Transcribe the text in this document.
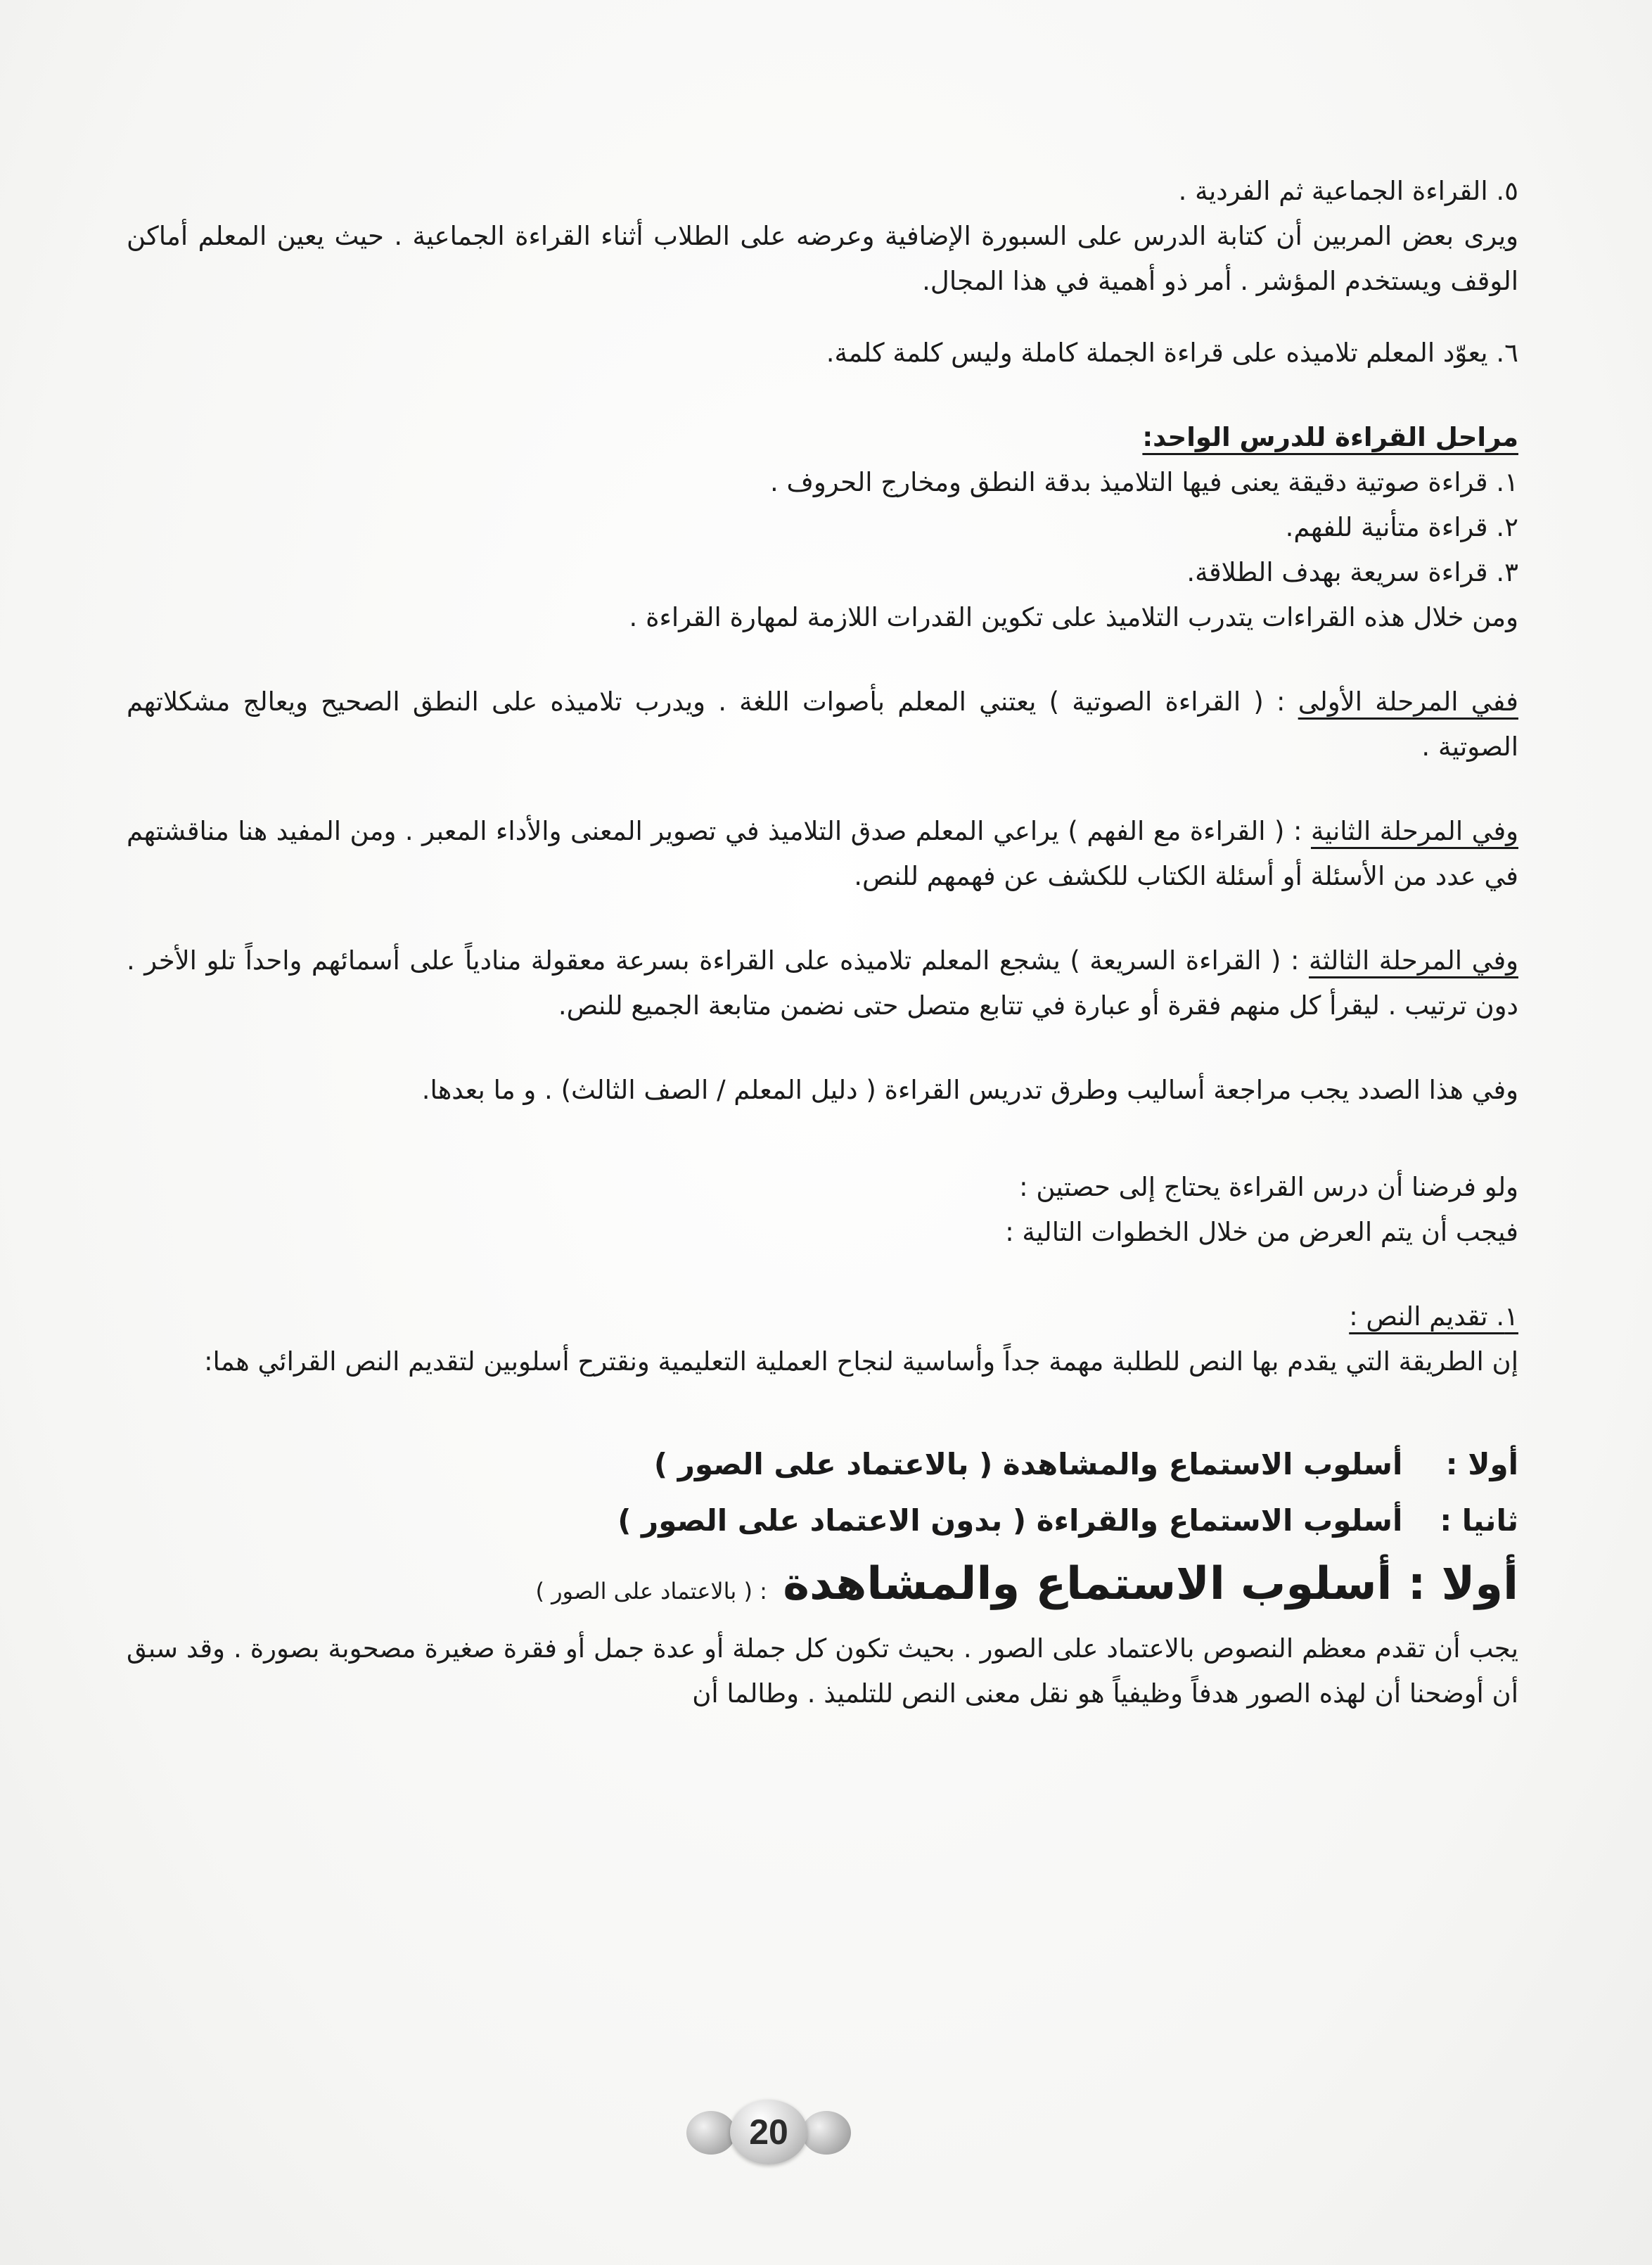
٥. القراءة الجماعية ثم الفردية .

ويرى بعض المربين أن كتابة الدرس على السبورة الإضافية وعرضه على الطلاب أثناء القراءة الجماعية . حيث يعين المعلم أماكن الوقف ويستخدم المؤشر . أمر ذو أهمية في هذا المجال.

٦. يعوّد المعلم تلاميذه على قراءة الجملة كاملة وليس كلمة كلمة.

مراحل القراءة للدرس الواحد:

١. قراءة صوتية دقيقة يعنى فيها التلاميذ بدقة النطق ومخارج الحروف .

٢. قراءة متأنية للفهم.

٣. قراءة سريعة بهدف الطلاقة.

ومن خلال هذه القراءات يتدرب التلاميذ على تكوين القدرات اللازمة لمهارة القراءة .

ففي المرحلة الأولى : ( القراءة الصوتية ) يعتني المعلم بأصوات اللغة . ويدرب تلاميذه على النطق الصحيح ويعالج مشكلاتهم الصوتية .

وفي المرحلة الثانية : ( القراءة مع الفهم ) يراعي المعلم صدق التلاميذ في تصوير المعنى والأداء المعبر . ومن المفيد هنا مناقشتهم في عدد من الأسئلة أو أسئلة الكتاب للكشف عن فهمهم للنص.

وفي المرحلة الثالثة : ( القراءة السريعة ) يشجع المعلم تلاميذه على القراءة بسرعة معقولة منادياً على أسمائهم واحداً تلو الأخر . دون ترتيب . ليقرأ كل منهم فقرة أو عبارة في تتابع متصل حتى نضمن متابعة الجميع للنص.

وفي هذا الصدد يجب مراجعة أساليب وطرق تدريس القراءة ( دليل المعلم / الصف الثالث) . و ما بعدها.

ولو فرضنا أن درس القراءة يحتاج إلى حصتين :

فيجب أن يتم العرض من خلال الخطوات التالية :

١. تقديم النص :

إن الطريقة التي يقدم بها النص للطلبة مهمة جداً وأساسية لنجاح العملية التعليمية ونقترح أسلوبين لتقديم النص القرائي هما:

أولا : أسلوب الاستماع والمشاهدة ( بالاعتماد على الصور )

ثانيا : أسلوب الاستماع والقراءة ( بدون الاعتماد على الصور )

أولا : أسلوب الاستماع والمشاهدة : ( بالاعتماد على الصور )

يجب أن تقدم معظم النصوص بالاعتماد على الصور . بحيث تكون كل جملة أو عدة جمل أو فقرة صغيرة مصحوبة بصورة . وقد سبق أن أوضحنا أن لهذه الصور هدفاً وظيفياً هو نقل معنى النص للتلميذ . وطالما أن

20
